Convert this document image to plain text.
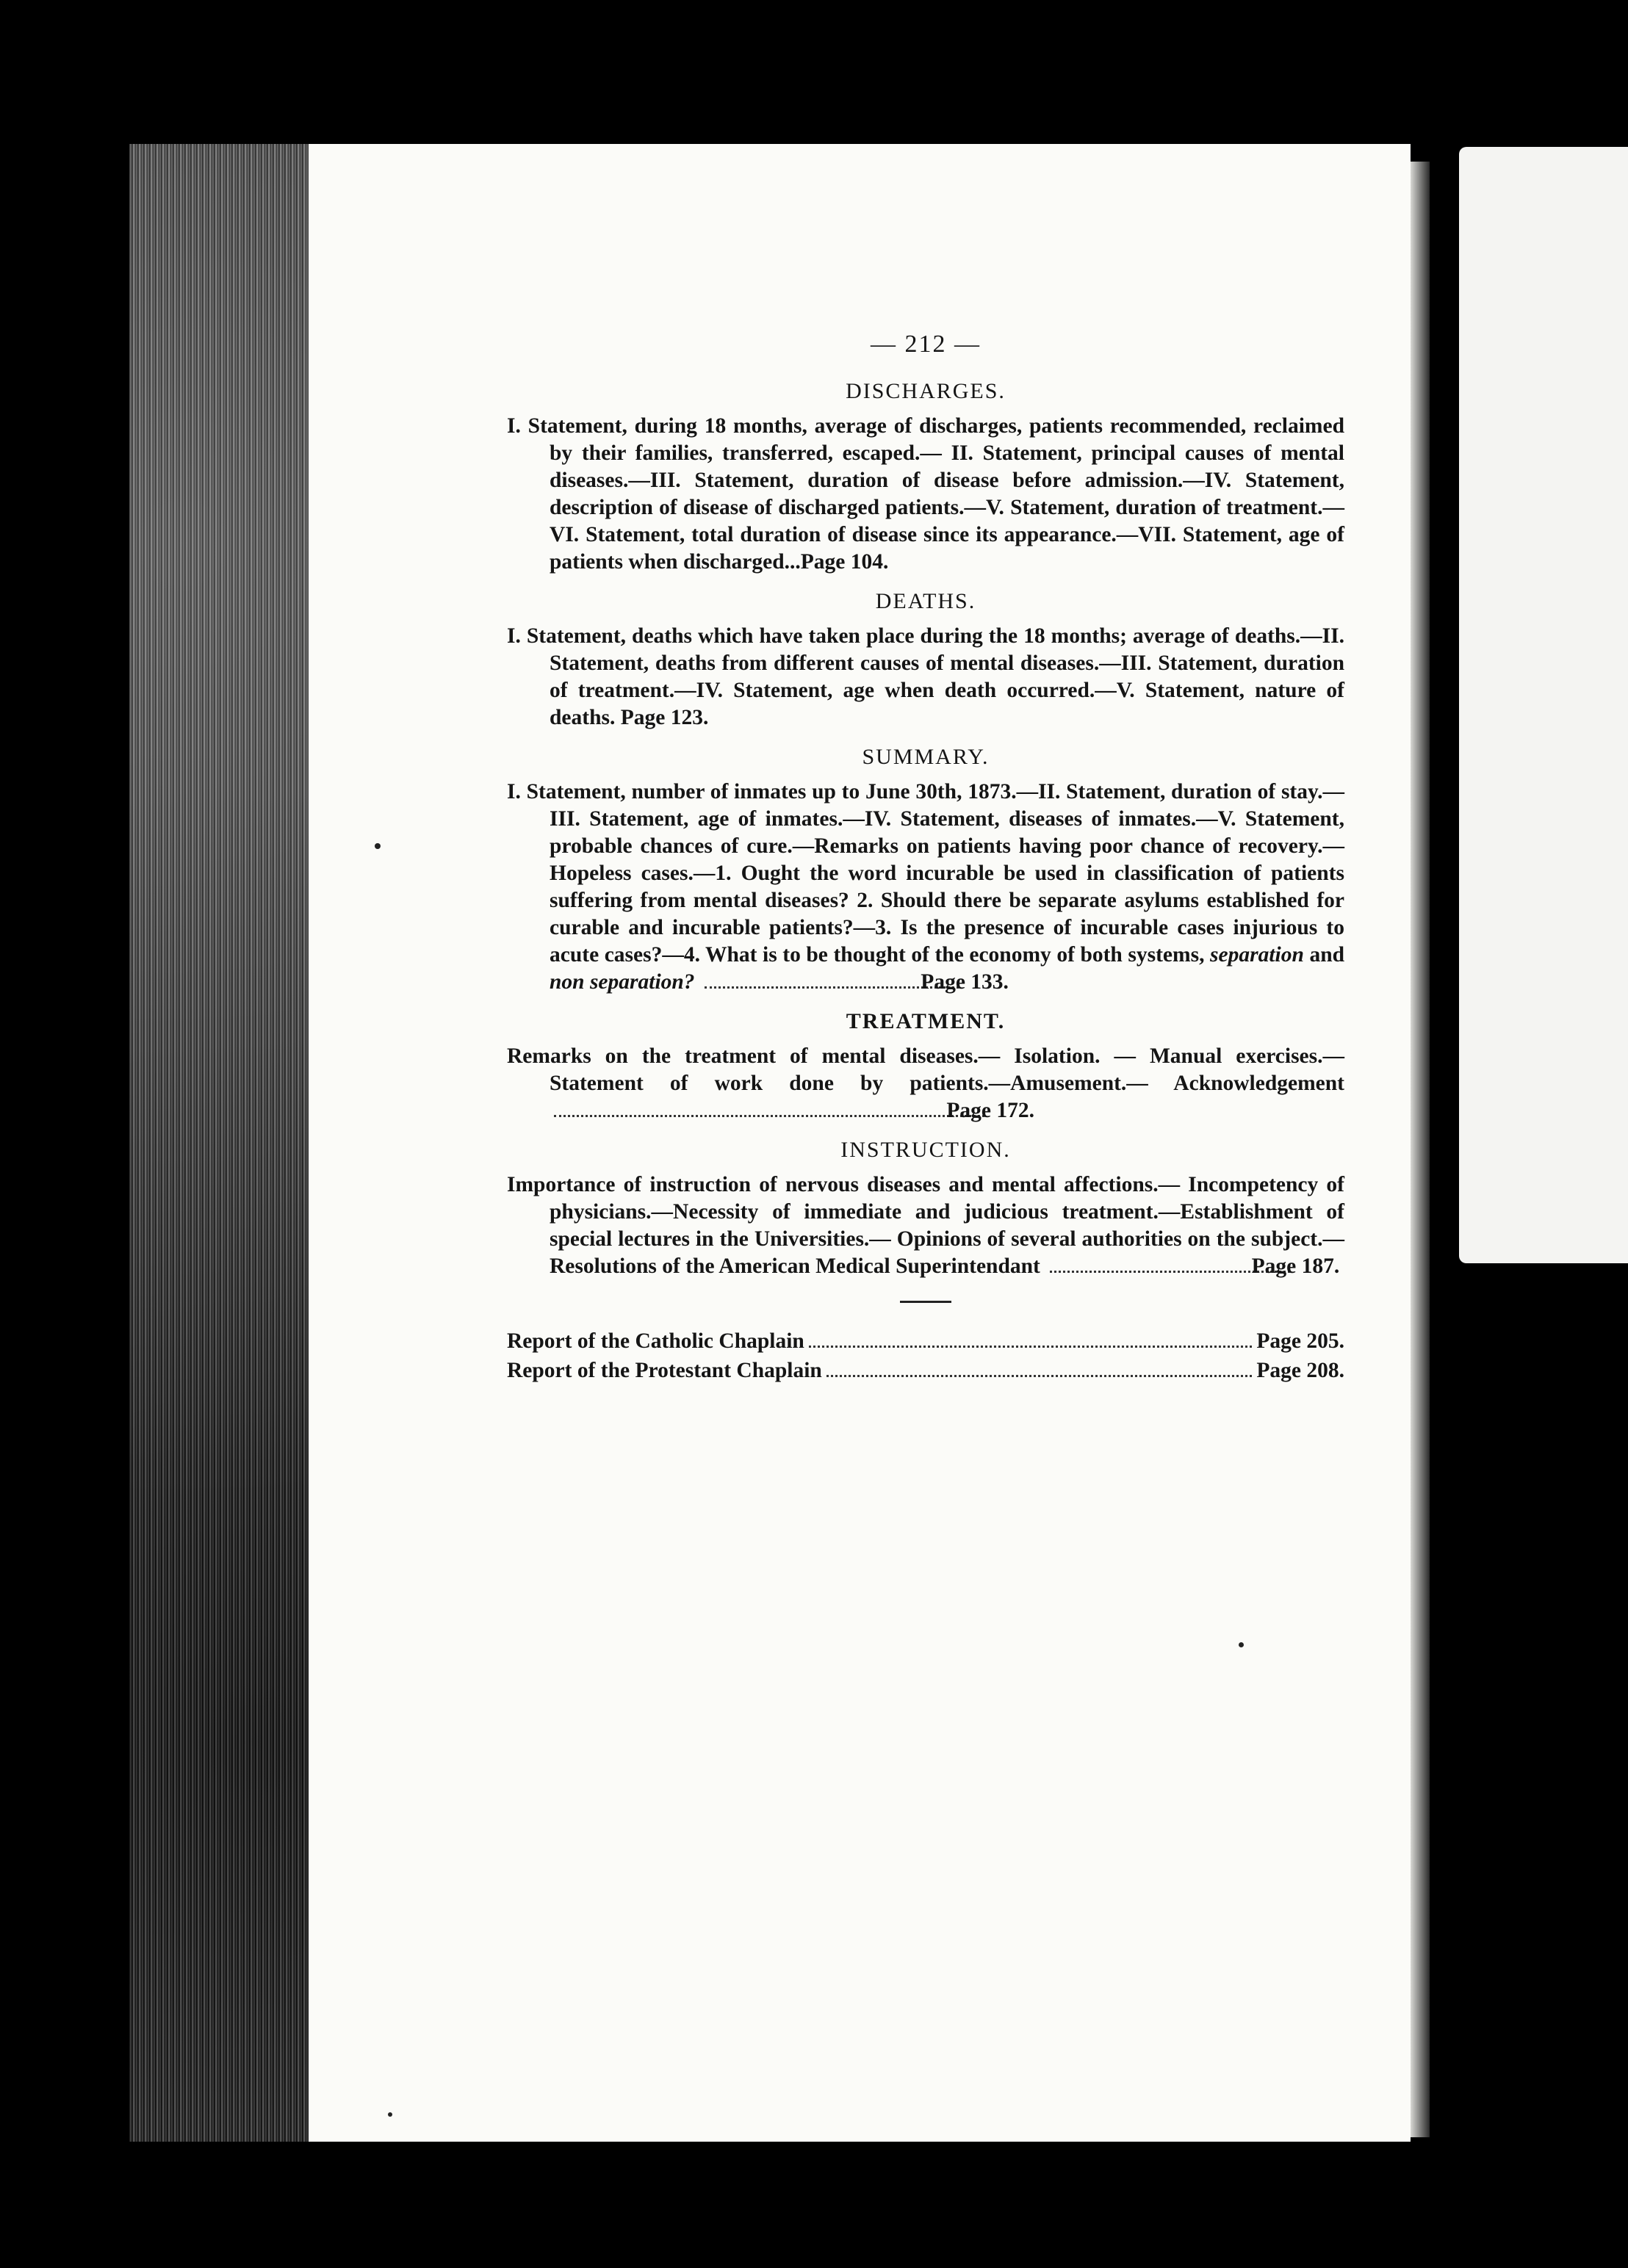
— 212 —
DISCHARGES.
I. Statement, during 18 months, average of discharges, patients recommended, reclaimed by their families, transferred, escaped.— II. Statement, principal causes of mental diseases.—III. Statement, duration of disease before admission.—IV. Statement, description of disease of discharged patients.—V. Statement, duration of treatment.—VI. Statement, total duration of disease since its appearance.—VII. Statement, age of patients when discharged...Page 104.
DEATHS.
I. Statement, deaths which have taken place during the 18 months; average of deaths.—II. Statement, deaths from different causes of mental diseases.—III. Statement, duration of treatment.—IV. Statement, age when death occurred.—V. Statement, nature of deaths. Page 123.
SUMMARY.
I. Statement, number of inmates up to June 30th, 1873.—II. Statement, duration of stay.—III. Statement, age of inmates.—IV. Statement, diseases of inmates.—V. Statement, probable chances of cure.—Remarks on patients having poor chance of recovery.—Hopeless cases.—1. Ought the word incurable be used in classification of patients suffering from mental diseases? 2. Should there be separate asylums established for curable and incurable patients?—3. Is the presence of incurable cases injurious to acute cases?—4. What is to be thought of the economy of both systems, separation and non separation?	Page 133.
TREATMENT.
Remarks on the treatment of mental diseases.— Isolation. — Manual exercises.—Statement of work done by patients.—Amusement.— Acknowledgement
Page 172.
INSTRUCTION.
Importance of instruction of nervous diseases and mental affections.— Incompetency of physicians.—Necessity of immediate and judicious treatment.—Establishment of special lectures in the Universities.— Opinions of several authorities on the subject.—Resolutions of the American Medical Superintendant	Page 187.
Report of the Catholic Chaplain	Page 205.
Report of the Protestant Chaplain	Page 208.
